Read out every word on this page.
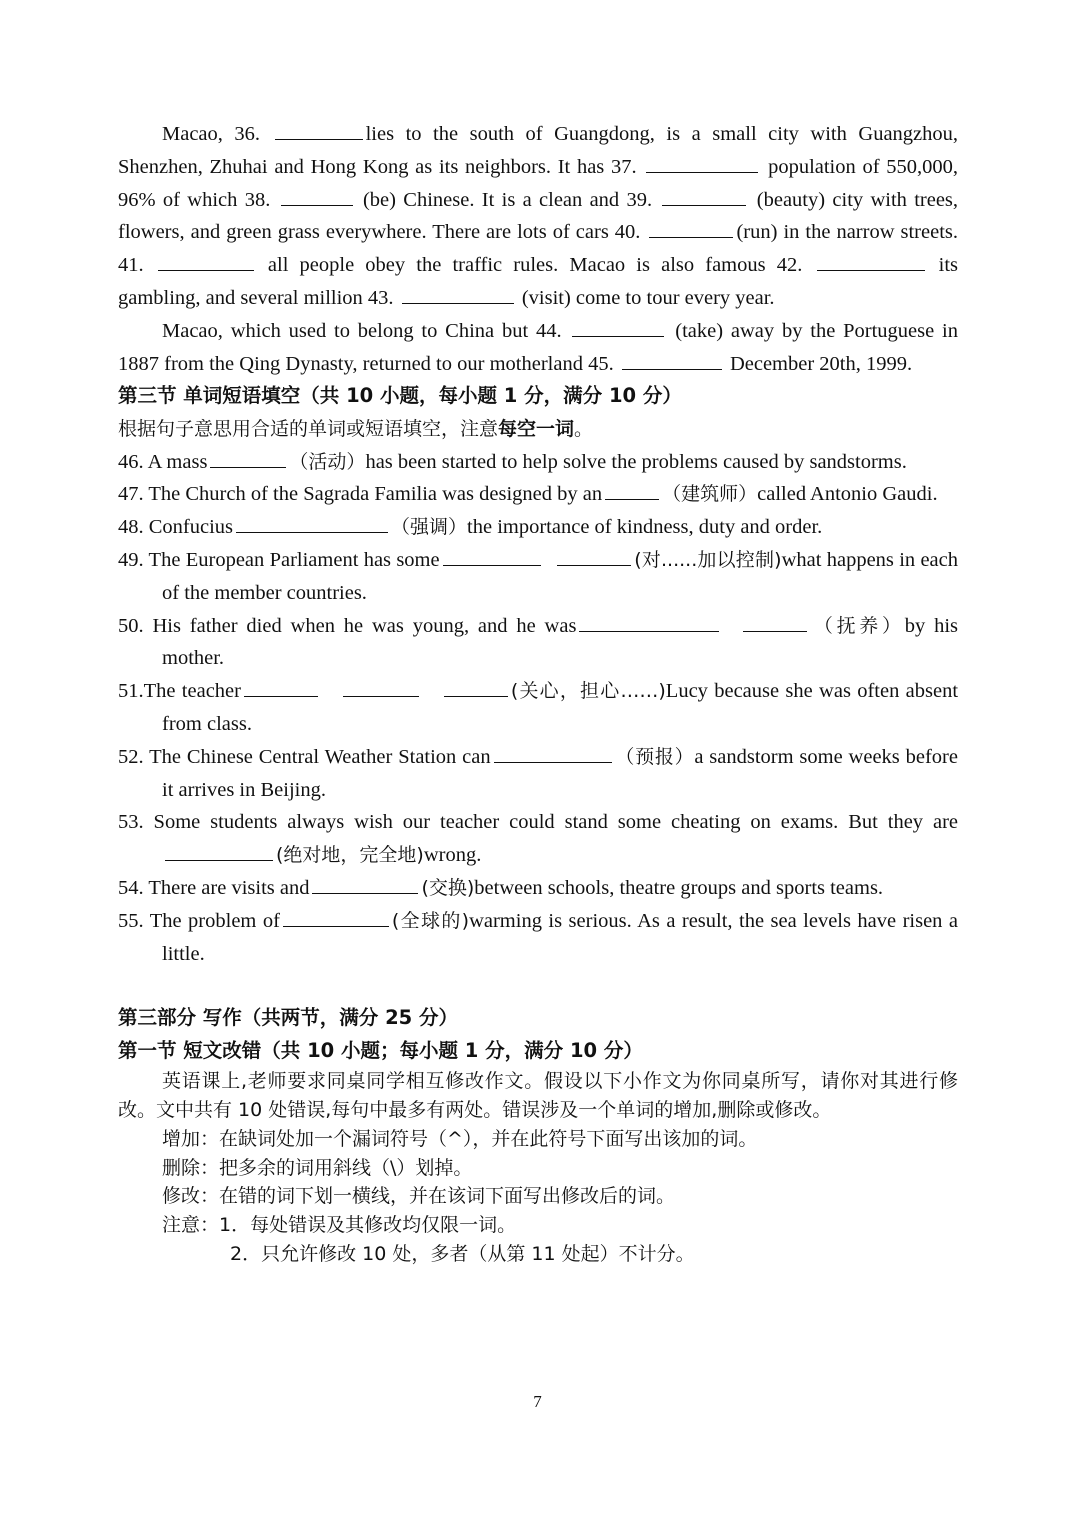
Macao, 36.	lies to the south of Guangdong, is a small city with Guangzhou, Shenzhen, Zhuhai and Hong Kong as its neighbors. It has 37.	population of 550,000, 96% of which 38.	(be) Chinese. It is a clean and 39.	(beauty) city with trees, flowers, and green grass everywhere. There are lots of cars 40.	(run) in the narrow streets. 41.	all people obey the traffic rules. Macao is also famous 42.	its gambling, and several million 43.	(visit) come to tour every year.

Macao, which used to belong to China but 44.	(take) away by the Portuguese in 1887 from the Qing Dynasty, returned to our motherland 45.	December 20th, 1999.

第三节 单词短语填空（共 10 小题，每小题 1 分，满分 10 分）

根据句子意思用合适的单词或短语填空，注意每空一词。

46. A mass	（活动）has been started to help solve the problems caused by sandstorms.

47. The Church of the Sagrada Familia was designed by an	（建筑师）called Antonio Gaudi.

48. Confucius	（强调）the importance of kindness, duty and order.

49. The European Parliament has some	(对......加以控制)what happens in each of the member countries.

50. His father died when he was young, and he was	（抚养）by his mother.

51.The teacher	(关心，担心……)Lucy because she was often absent from class.

52. The Chinese Central Weather Station can	（预报）a sandstorm some weeks before it arrives in Beijing.

53. Some students always wish our teacher could stand some cheating on exams. But they are(绝对地，完全地)wrong.

54. There are visits and	(交换)between schools, theatre groups and sports teams.

55. The problem of	(全球的)warming is serious. As a result, the sea levels have risen a little.

第三部分 写作（共两节，满分 25 分）

第一节 短文改错（共 10 小题；每小题 1 分，满分 10 分）

英语课上,老师要求同桌同学相互修改作文。假设以下小作文为你同桌所写，请你对其进行修改。文中共有 10 处错误,每句中最多有两处。错误涉及一个单词的增加,删除或修改。

增加：在缺词处加一个漏词符号（^），并在此符号下面写出该加的词。

删除：把多余的词用斜线（\）划掉。

修改：在错的词下划一横线，并在该词下面写出修改后的词。

注意：1．每处错误及其修改均仅限一词。

2．只允许修改 10 处，多者（从第 11 处起）不计分。

7
